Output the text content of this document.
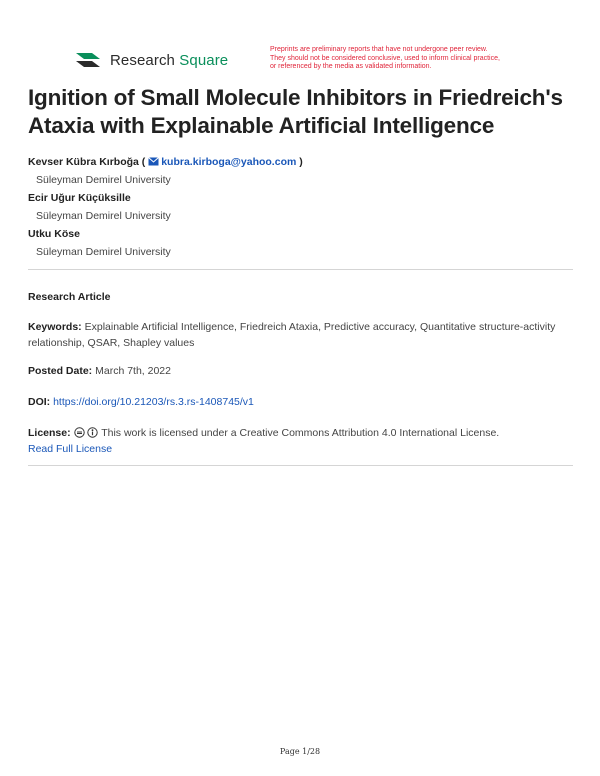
Research Square
Preprints are preliminary reports that have not undergone peer review.
They should not be considered conclusive, used to inform clinical practice,
or referenced by the media as validated information.
Ignition of Small Molecule Inhibitors in Friedreich's Ataxia with Explainable Artificial Intelligence
Kevser Kübra Kırboğa ( kubra.kirboga@yahoo.com )
Süleyman Demirel University
Ecir Uğur Küçüksille
Süleyman Demirel University
Utku Köse
Süleyman Demirel University
Research Article
Keywords: Explainable Artificial Intelligence, Friedreich Ataxia, Predictive accuracy, Quantitative structure-activity relationship, QSAR, Shapley values
Posted Date: March 7th, 2022
DOI: https://doi.org/10.21203/rs.3.rs-1408745/v1
License:	This work is licensed under a Creative Commons Attribution 4.0 International License.
Read Full License
Page 1/28
